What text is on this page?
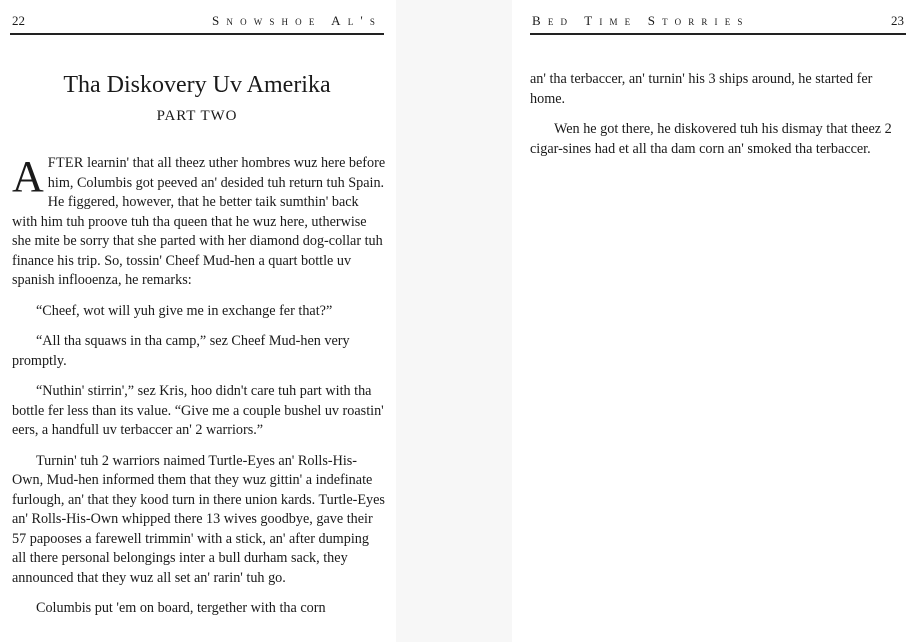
22	Snowshoe Al's
Tha Diskovery Uv Amerika
PART TWO

AFTER learnin' that all theez uther hombres wuz here before him, Columbis got peeved an' desided tuh return tuh Spain. He figgered, however, that he better taik sumthin' back with him tuh proove tuh tha queen that he wuz here, utherwise she mite be sorry that she parted with her diamond dog-collar tuh finance his trip. So, tossin' Cheef Mud-hen a quart bottle uv spanish inflooenza, he remarks:

“Cheef, wot will yuh give me in exchange fer that?”

“All tha squaws in tha camp,” sez Cheef Mud-hen very promptly.

“Nuthin' stirrin',” sez Kris, hoo didn't care tuh part with tha bottle fer less than its value. “Give me a couple bushel uv roastin' eers, a handfull uv terbaccer an' 2 warriors.”

Turnin' tuh 2 warriors naimed Turtle-Eyes an' Rolls-His-Own, Mud-hen informed them that they wuz gittin' a indefinate furlough, an' that they kood turn in there union kards. Turtle-Eyes an' Rolls-His-Own whipped there 13 wives goodbye, gave their 57 papooses a farewell trimmin' with a stick, an' after dumping all there personal belongings inter a bull durham sack, they announced that they wuz all set an' rarin' tuh go.

Columbis put 'em on board, tergether with tha corn

Bed Time Storries	23

an' tha terbaccer, an' turnin' his 3 ships around, he started fer home.

Wen he got there, he diskovered tuh his dismay that theez 2 cigar-sines had et all tha dam corn an' smoked tha terbaccer.
